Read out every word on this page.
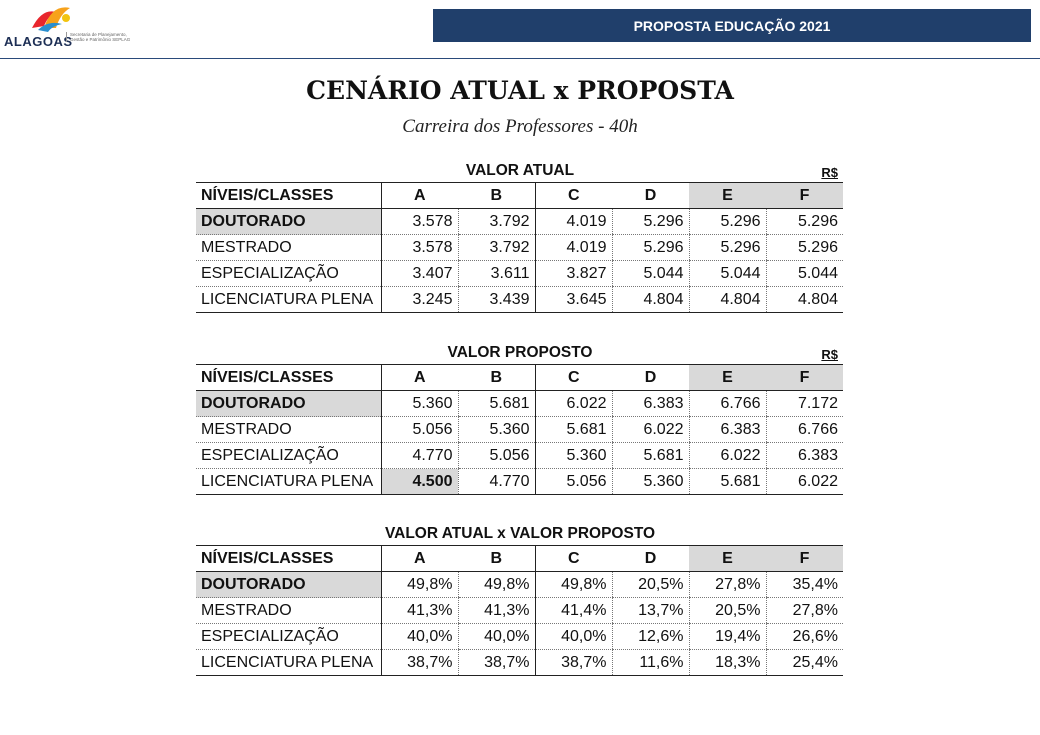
ALAGOAS
Secretaria de Planejamento, Gestão e Patrimônio SEPLAG
PROPOSTA EDUCAÇÃO 2021
CENÁRIO ATUAL x PROPOSTA
Carreira dos Professores - 40h
VALOR ATUAL	R$
NÍVEIS/CLASSES	A	B	C	D	E	F
DOUTORADO	3.578	3.792	4.019	5.296	5.296	5.296
MESTRADO	3.578	3.792	4.019	5.296	5.296	5.296
ESPECIALIZAÇÃO	3.407	3.611	3.827	5.044	5.044	5.044
LICENCIATURA PLENA	3.245	3.439	3.645	4.804	4.804	4.804
VALOR PROPOSTO	R$
NÍVEIS/CLASSES	A	B	C	D	E	F
DOUTORADO	5.360	5.681	6.022	6.383	6.766	7.172
MESTRADO	5.056	5.360	5.681	6.022	6.383	6.766
ESPECIALIZAÇÃO	4.770	5.056	5.360	5.681	6.022	6.383
LICENCIATURA PLENA	4.500	4.770	5.056	5.360	5.681	6.022
VALOR ATUAL x VALOR PROPOSTO
NÍVEIS/CLASSES	A	B	C	D	E	F
DOUTORADO	49,8%	49,8%	49,8%	20,5%	27,8%	35,4%
MESTRADO	41,3%	41,3%	41,4%	13,7%	20,5%	27,8%
ESPECIALIZAÇÃO	40,0%	40,0%	40,0%	12,6%	19,4%	26,6%
LICENCIATURA PLENA	38,7%	38,7%	38,7%	11,6%	18,3%	25,4%
